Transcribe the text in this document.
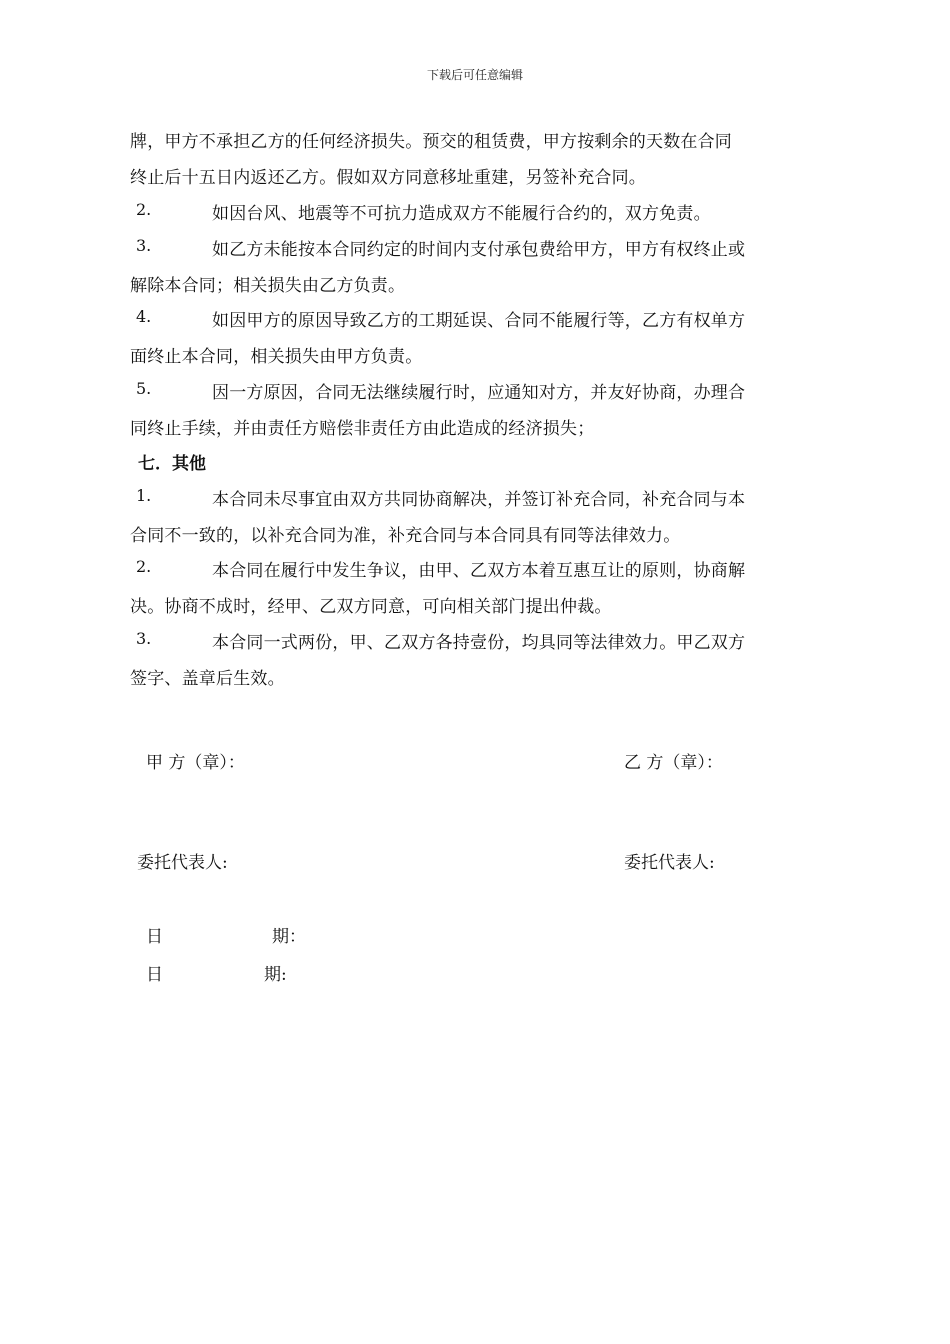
下载后可任意编辑
牌，甲方不承担乙方的任何经济损失。预交的租赁费，甲方按剩余的天数在合同
终止后十五日内返还乙方。假如双方同意移址重建，另签补充合同。
2.	如因台风、地震等不可抗力造成双方不能履行合约的，双方免责。
3.	如乙方未能按本合同约定的时间内支付承包费给甲方，甲方有权终止或
解除本合同；相关损失由乙方负责。
4.	如因甲方的原因导致乙方的工期延误、合同不能履行等，乙方有权单方
面终止本合同，相关损失由甲方负责。
5.	因一方原因，合同无法继续履行时，应通知对方，并友好协商，办理合
同终止手续，并由责任方赔偿非责任方由此造成的经济损失；
七．其他
1.	本合同未尽事宜由双方共同协商解决，并签订补充合同，补充合同与本
合同不一致的，以补充合同为准，补充合同与本合同具有同等法律效力。
2.	本合同在履行中发生争议，由甲、乙双方本着互惠互让的原则，协商解
决。协商不成时，经甲、乙双方同意，可向相关部门提出仲裁。
3.	本合同一式两份，甲、乙双方各持壹份，均具同等法律效力。甲乙双方
签字、盖章后生效。
甲 方（章）：	乙 方（章）：
委托代表人:	委托代表人:
日	期：
日	期:
